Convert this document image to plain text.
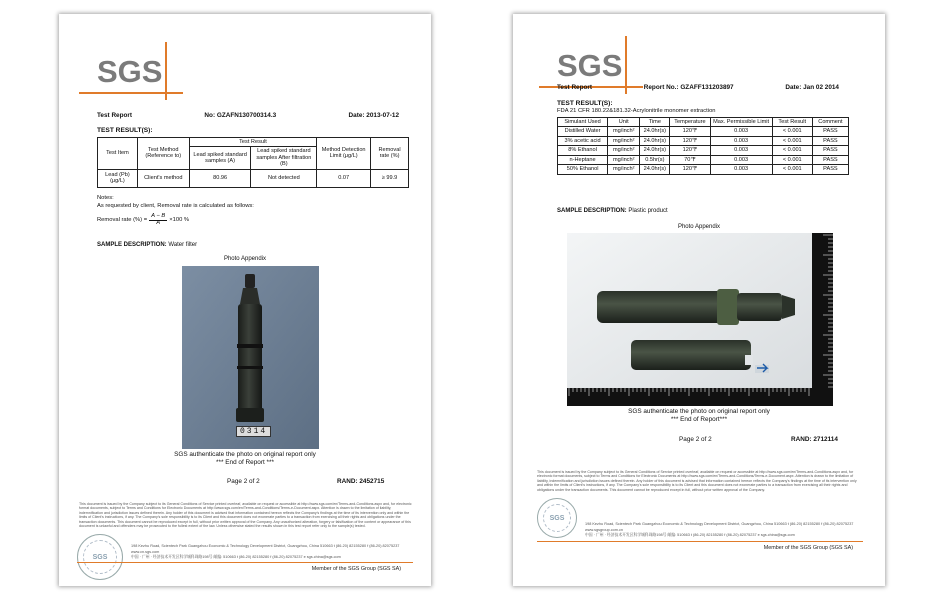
SGS
Test Report	No: GZAFN130700314.3	Date: 2013-07-12
TEST RESULT(S):
Test Item	Test Method (Reference to)	Test Result		Method Detection Limit (μg/L)	Removal rate (%)
		Lead spiked standard samples (A)	Lead spiked standard samples After filtration (B)		
Lead (Pb) (μg/L)	Client's method	80.96	Not detected	0.07	≥ 99.9
Notes:
As requested by client, Removal rate is calculated as follows:
Removal rate (%) = $\frac{A - B}{A} \times 100$ %
SAMPLE DESCRIPTION: Water filter
Photo Appendix
0314
SGS authenticate the photo on original report only
*** End of Report ***
Page 2 of 2	RAND: 2452715
This document is issued by the Company subject to its General Conditions of Service printed overleaf, available on request or accessible at http://www.sgs.com/en/Terms-and-Conditions.aspx and, for electronic format documents, subject to Terms and Conditions for Electronic Documents at http://www.sgs.com/en/Terms-and-Conditions/Terms-e-Document.aspx. Attention is drawn to the limitation of liability, indemnification and jurisdiction issues defined therein. Any holder of this document is advised that information contained hereon reflects the Company's findings at the time of its intervention only and within the limits of Client's instructions, if any. The Company's sole responsibility is to its Client and this document does not exonerate parties to a transaction from exercising all their rights and obligations under the transaction documents. This document cannot be reproduced except in full, without prior written approval of the Company. Any unauthorized alteration, forgery or falsification of the content or appearance of this document is unlawful and offenders may be prosecuted to the fullest extent of the law. Unless otherwise stated the results shown in this test report refer only to the sample(s) tested.
SGS
198 Kezhu Road, Scientech Park Guangzhou Economic & Technology Development District, Guangzhou, China 510663 t (86-20) 82155280 f (86-20) 82075237 www.cn.sgs.com
中国 · 广州 · 经济技术开发区科学城科珠路198号 邮编: 510663 t (86-20) 82155280 f (86-20) 82075237 e sgs.china@sgs.com
Member of the SGS Group (SGS SA)
SGS
Test Report	Report No.: GZAFF131203897	Date: Jan 02 2014
TEST RESULT(S):
FDA 21 CFR 180.22&181.32-Acrylonitrile monomer extraction
Simulant Used	Unit	Time	Temperature	Max. Permissible Limit	Test Result	Comment
Distilled Water	mg/inch²	24.0hr(s)	120℉	0.003	< 0.001	PASS
3% acetic acid	mg/inch²	24.0hr(s)	120℉	0.003	< 0.001	PASS
8% Ethanol	mg/inch²	24.0hr(s)	120℉	0.003	< 0.001	PASS
n-Heptane	mg/inch²	0.5hr(s)	70℉	0.003	< 0.001	PASS
50% Ethanol	mg/inch²	24.0hr(s)	120℉	0.003	< 0.001	PASS
SAMPLE DESCRIPTION: Plastic product
Photo Appendix
SGS authenticate the photo on original report only
*** End of Report***
Page 2 of 2	RAND: 2712114
This document is issued by the Company subject to its General Conditions of Service printed overleaf, available on request or accessible at http://www.sgs.com/en/Terms-and-Conditions.aspx and, for electronic format documents, subject to Terms and Conditions for Electronic Documents at http://www.sgs.com/en/Terms-and-Conditions/Terms-e-Document.aspx. Attention is drawn to the limitation of liability, indemnification and jurisdiction issues defined therein. Any holder of this document is advised that information contained hereon reflects the Company's findings at the time of its intervention only and within the limits of Client's instructions, if any. The Company's sole responsibility is to its Client and this document does not exonerate parties to a transaction from exercising all their rights and obligations under the transaction documents. This document cannot be reproduced except in full, without prior written approval of the Company.
SGS
198 Kezhu Road, Scientech Park Guangzhou Economic & Technology Development District, Guangzhou, China 510663 t (86-20) 82155280 f (86-20) 82075237 www.sgsgroup.com.cn
中国 · 广州 · 经济技术开发区科学城科珠路198号 邮编: 510663 t (86-20) 82155280 f (86-20) 82075237 e sgs.china@sgs.com
Member of the SGS Group (SGS SA)
